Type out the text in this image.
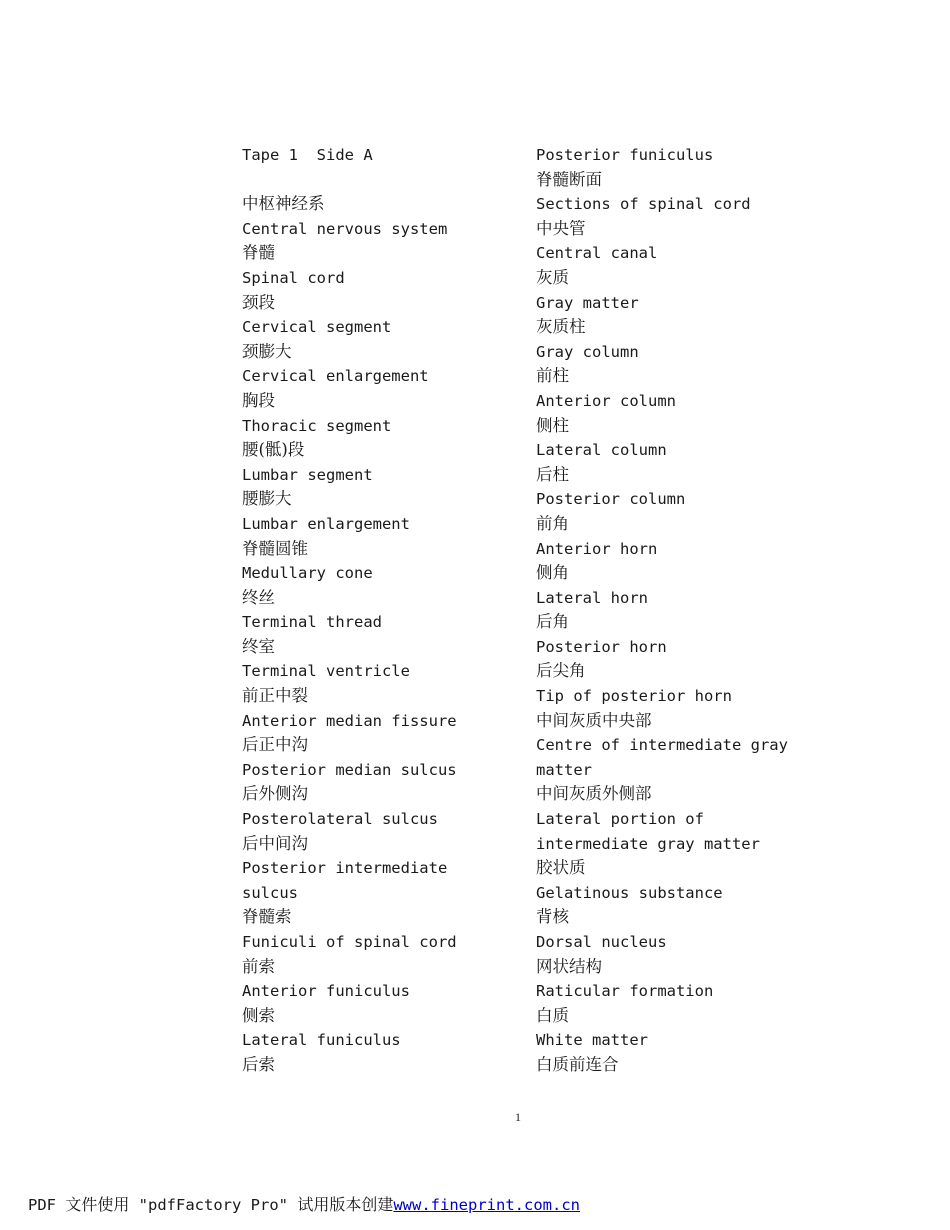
Tape 1  Side A
中枢神经系
Central nervous system
脊髓
Spinal cord
颈段
Cervical segment
颈膨大
Cervical enlargement
胸段
Thoracic segment
腰(骶)段
Lumbar segment
腰膨大
Lumbar enlargement
脊髓圆锥
Medullary cone
终丝
Terminal thread
终室
Terminal ventricle
前正中裂
Anterior median fissure
后正中沟
Posterior median sulcus
后外侧沟
Posterolateral sulcus
后中间沟
Posterior intermediate
sulcus
脊髓索
Funiculi of spinal cord
前索
Anterior funiculus
侧索
Lateral funiculus
后索
Posterior funiculus
脊髓断面
Sections of spinal cord
中央管
Central canal
灰质
Gray matter
灰质柱
Gray column
前柱
Anterior column
侧柱
Lateral column
后柱
Posterior column
前角
Anterior horn
侧角
Lateral horn
后角
Posterior horn
后尖角
Tip of posterior horn
中间灰质中央部
Centre of intermediate gray
matter
中间灰质外侧部
Lateral portion of
intermediate gray matter
胶状质
Gelatinous substance
背核
Dorsal nucleus
网状结构
Raticular formation
白质
White matter
白质前连合
1
PDF 文件使用 "pdfFactory Pro" 试用版本创建www.fineprint.com.cn
